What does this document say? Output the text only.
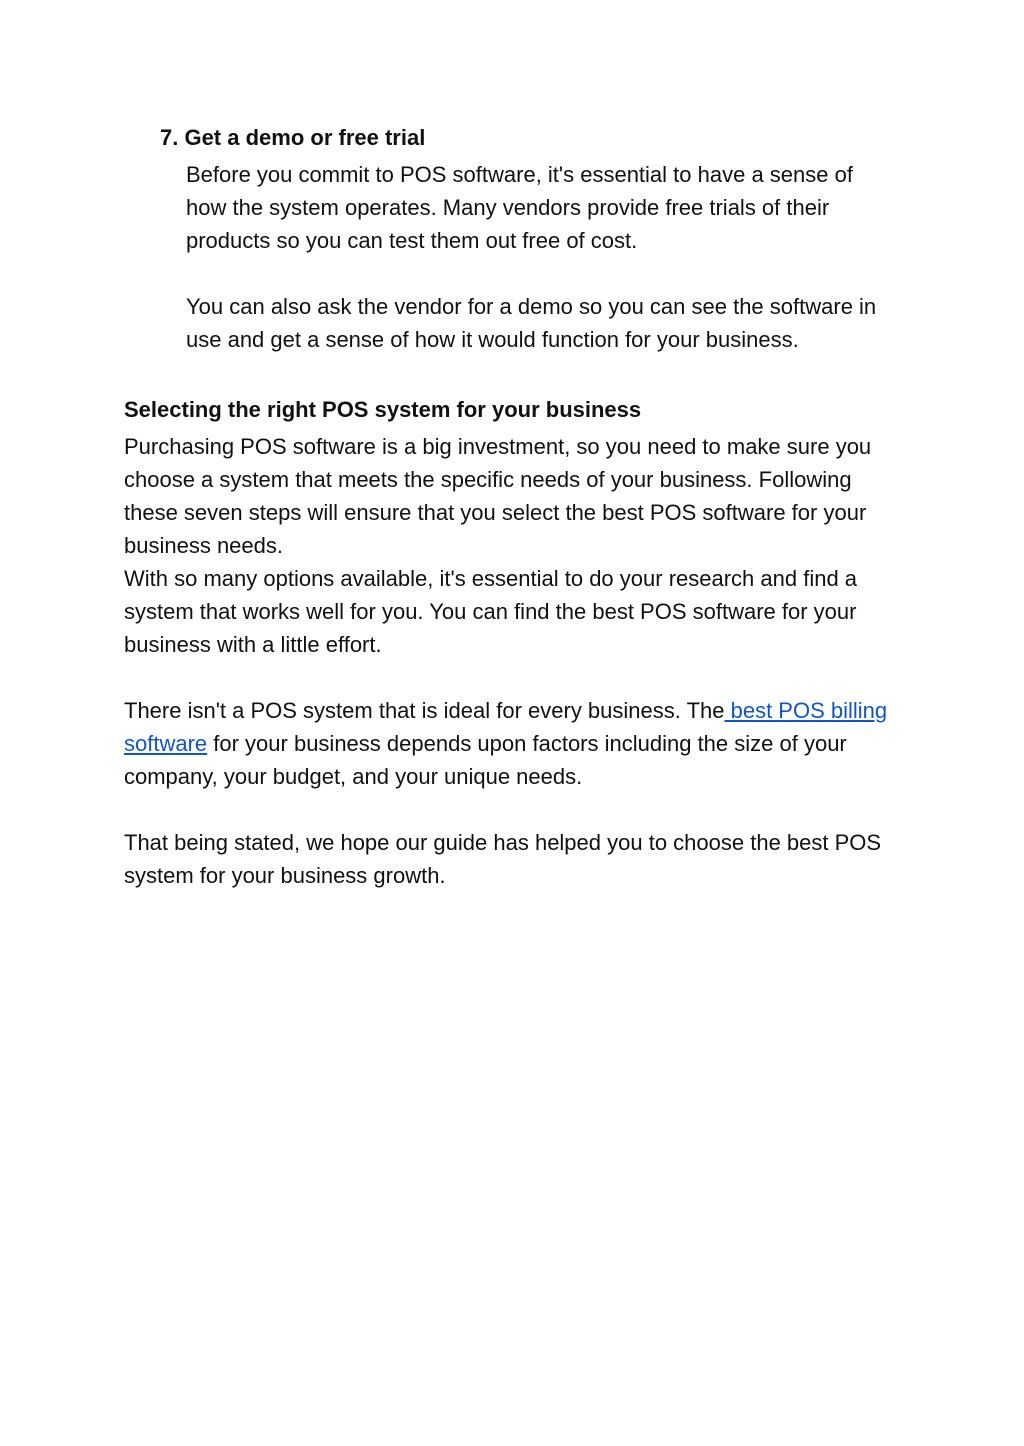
7. Get a demo or free trial

Before you commit to POS software, it's essential to have a sense of how the system operates. Many vendors provide free trials of their products so you can test them out free of cost.

You can also ask the vendor for a demo so you can see the software in use and get a sense of how it would function for your business.

Selecting the right POS system for your business

Purchasing POS software is a big investment, so you need to make sure you choose a system that meets the specific needs of your business. Following these seven steps will ensure that you select the best POS software for your business needs.

With so many options available, it's essential to do your research and find a system that works well for you. You can find the best POS software for your business with a little effort.

There isn't a POS system that is ideal for every business. The best POS billing software for your business depends upon factors including the size of your company, your budget, and your unique needs.

That being stated, we hope our guide has helped you to choose the best POS system for your business growth.
